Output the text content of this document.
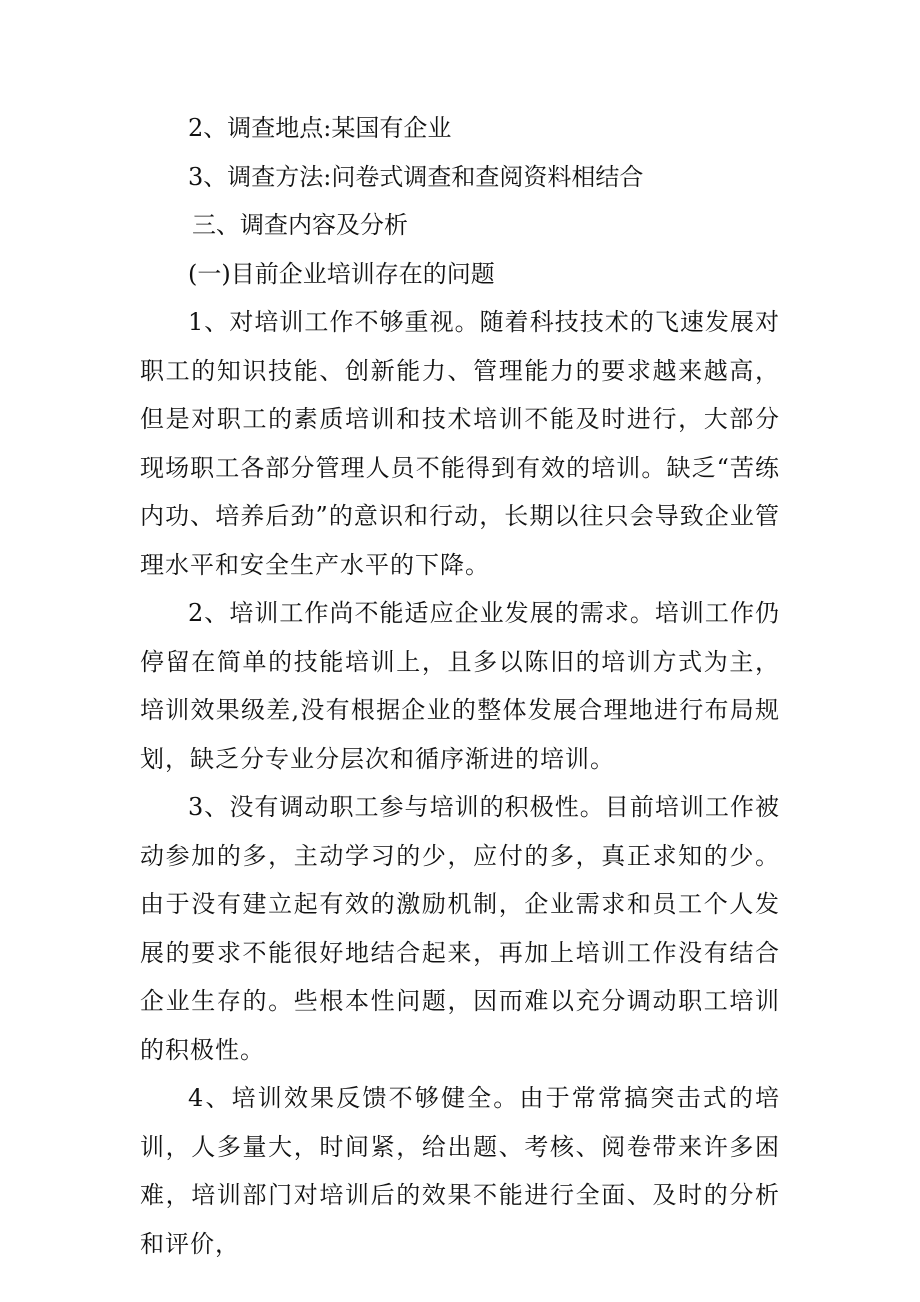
2、调查地点:某国有企业

3、调查方法:问卷式调查和查阅资料相结合

三、调查内容及分析

(一)目前企业培训存在的问题

1、对培训工作不够重视。随着科技技术的飞速发展对职工的知识技能、创新能力、管理能力的要求越来越高，但是对职工的素质培训和技术培训不能及时进行，大部分现场职工各部分管理人员不能得到有效的培训。缺乏“苦练内功、培养后劲”的意识和行动，长期以往只会导致企业管理水平和安全生产水平的下降。

2、培训工作尚不能适应企业发展的需求。培训工作仍停留在简单的技能培训上，且多以陈旧的培训方式为主，培训效果级差,没有根据企业的整体发展合理地进行布局规划，缺乏分专业分层次和循序渐进的培训。

3、没有调动职工参与培训的积极性。目前培训工作被动参加的多，主动学习的少，应付的多，真正求知的少。由于没有建立起有效的激励机制，企业需求和员工个人发展的要求不能很好地结合起来，再加上培训工作没有结合企业生存的。些根本性问题，因而难以充分调动职工培训的积极性。

4、培训效果反馈不够健全。由于常常搞突击式的培训，人多量大，时间紧，给出题、考核、阅卷带来许多困难，培训部门对培训后的效果不能进行全面、及时的分析和评价，
